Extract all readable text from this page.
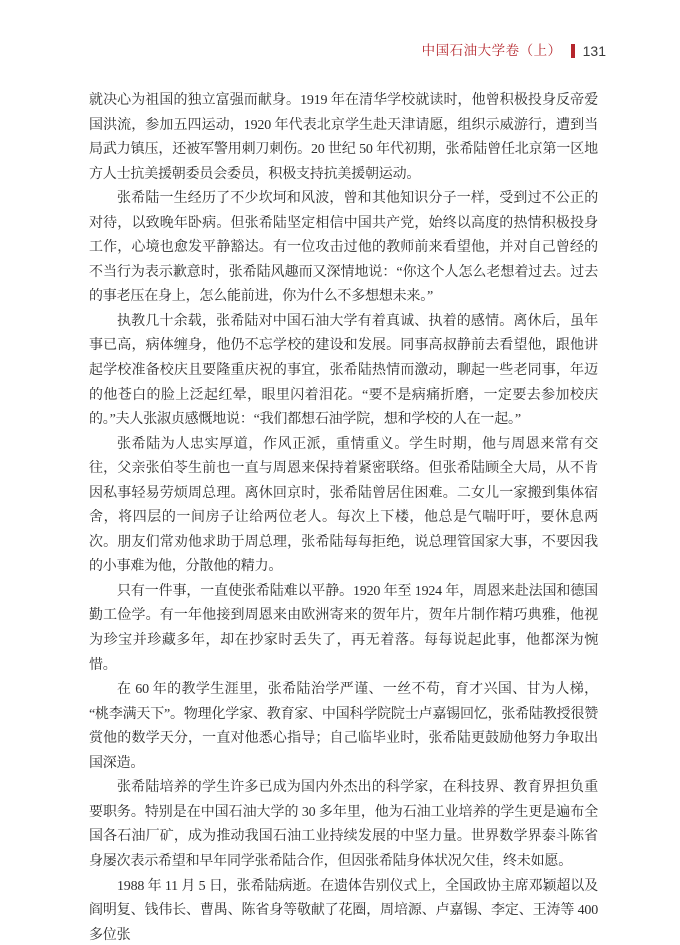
中国石油大学卷（上） 131

就决心为祖国的独立富强而献身。1919 年在清华学校就读时，他曾积极投身反帝爱国洪流，参加五四运动，1920 年代表北京学生赴天津请愿，组织示威游行，遭到当局武力镇压，还被军警用刺刀刺伤。20 世纪 50 年代初期，张希陆曾任北京第一区地方人士抗美援朝委员会委员，积极支持抗美援朝运动。

张希陆一生经历了不少坎坷和风波，曾和其他知识分子一样，受到过不公正的对待，以致晚年卧病。但张希陆坚定相信中国共产党，始终以高度的热情积极投身工作，心境也愈发平静豁达。有一位攻击过他的教师前来看望他，并对自己曾经的不当行为表示歉意时，张希陆风趣而又深情地说：“你这个人怎么老想着过去。过去的事老压在身上，怎么能前进，你为什么不多想想未来。”

执教几十余载，张希陆对中国石油大学有着真诚、执着的感情。离休后，虽年事已高，病体缠身，他仍不忘学校的建设和发展。同事高叔静前去看望他，跟他讲起学校准备校庆且要隆重庆祝的事宜，张希陆热情而激动，聊起一些老同事，年迈的他苍白的脸上泛起红晕，眼里闪着泪花。“要不是病痛折磨，一定要去参加校庆的。”夫人张淑贞感慨地说：“我们都想石油学院，想和学校的人在一起。”

张希陆为人忠实厚道，作风正派，重情重义。学生时期，他与周恩来常有交往，父亲张伯苓生前也一直与周恩来保持着紧密联络。但张希陆顾全大局，从不肯因私事轻易劳烦周总理。离休回京时，张希陆曾居住困难。二女儿一家搬到集体宿舍，将四层的一间房子让给两位老人。每次上下楼，他总是气喘吁吁，要休息两次。朋友们常劝他求助于周总理，张希陆每每拒绝，说总理管国家大事，不要因我的小事难为他，分散他的精力。

只有一件事，一直使张希陆难以平静。1920 年至 1924 年，周恩来赴法国和德国勤工俭学。有一年他接到周恩来由欧洲寄来的贺年片，贺年片制作精巧典雅，他视为珍宝并珍藏多年，却在抄家时丢失了，再无着落。每每说起此事，他都深为惋惜。

在 60 年的教学生涯里，张希陆治学严谨、一丝不苟，育才兴国、甘为人梯，“桃李满天下”。物理化学家、教育家、中国科学院院士卢嘉锡回忆，张希陆教授很赞赏他的数学天分，一直对他悉心指导；自己临毕业时，张希陆更鼓励他努力争取出国深造。

张希陆培养的学生许多已成为国内外杰出的科学家，在科技界、教育界担负重要职务。特别是在中国石油大学的 30 多年里，他为石油工业培养的学生更是遍布全国各石油厂矿，成为推动我国石油工业持续发展的中坚力量。世界数学界泰斗陈省身屡次表示希望和早年同学张希陆合作，但因张希陆身体状况欠佳，终未如愿。

1988 年 11 月 5 日，张希陆病逝。在遗体告别仪式上，全国政协主席邓颖超以及阎明复、钱伟长、曹禺、陈省身等敬献了花圈，周培源、卢嘉锡、李定、王涛等 400 多位张
